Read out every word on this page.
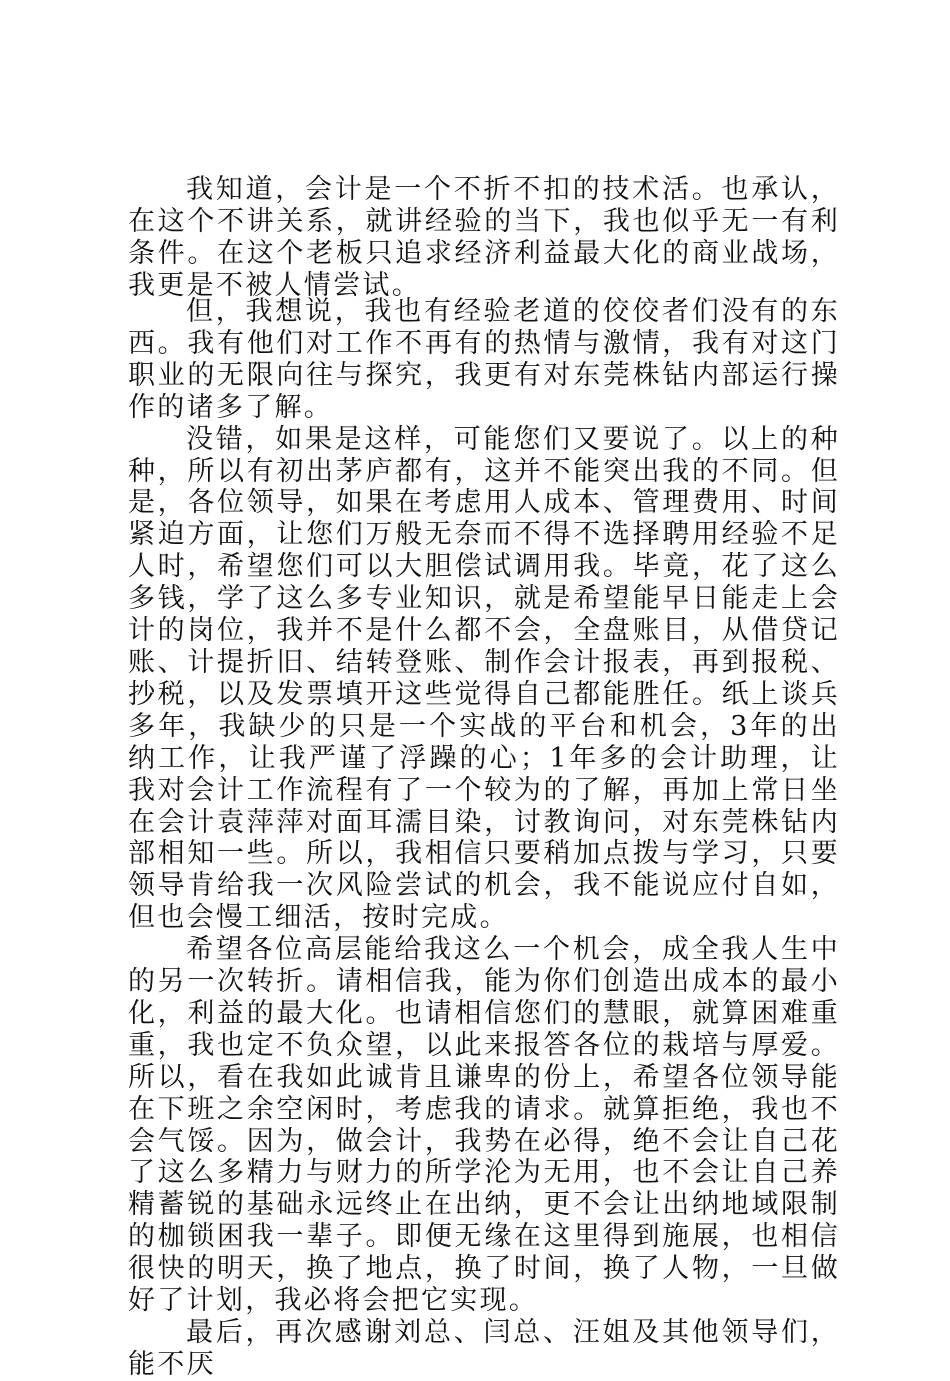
我知道，会计是一个不折不扣的技术活。也承认，在这个不讲关系，就讲经验的当下，我也似乎无一有利条件。在这个老板只追求经济利益最大化的商业战场，我更是不被人情尝试。

但，我想说，我也有经验老道的佼佼者们没有的东西。我有他们对工作不再有的热情与激情，我有对这门职业的无限向往与探究，我更有对东莞株钻内部运行操作的诸多了解。

没错，如果是这样，可能您们又要说了。以上的种种，所以有初出茅庐都有，这并不能突出我的不同。但是，各位领导，如果在考虑用人成本、管理费用、时间紧迫方面，让您们万般无奈而不得不选择聘用经验不足人时，希望您们可以大胆偿试调用我。毕竟，花了这么多钱，学了这么多专业知识，就是希望能早日能走上会计的岗位，我并不是什么都不会，全盘账目，从借贷记账、计提折旧、结转登账、制作会计报表，再到报税、抄税，以及发票填开这些觉得自己都能胜任。纸上谈兵多年，我缺少的只是一个实战的平台和机会，3年的出纳工作，让我严谨了浮躁的心；1年多的会计助理，让我对会计工作流程有了一个较为的了解，再加上常日坐在会计袁萍萍对面耳濡目染，讨教询问，对东莞株钻内部相知一些。所以，我相信只要稍加点拨与学习，只要领导肯给我一次风险尝试的机会，我不能说应付自如，但也会慢工细活，按时完成。

希望各位高层能给我这么一个机会，成全我人生中的另一次转折。请相信我，能为你们创造出成本的最小化，利益的最大化。也请相信您们的慧眼，就算困难重重，我也定不负众望，以此来报答各位的栽培与厚爱。所以，看在我如此诚肯且谦卑的份上，希望各位领导能在下班之余空闲时，考虑我的请求。就算拒绝，我也不会气馁。因为，做会计，我势在必得，绝不会让自己花了这么多精力与财力的所学沦为无用，也不会让自己养精蓄锐的基础永远终止在出纳，更不会让出纳地域限制的枷锁困我一辈子。即便无缘在这里得到施展，也相信很快的明天，换了地点，换了时间，换了人物，一旦做好了计划，我必将会把它实现。

最后，再次感谢刘总、闫总、汪姐及其他领导们，能不厌
